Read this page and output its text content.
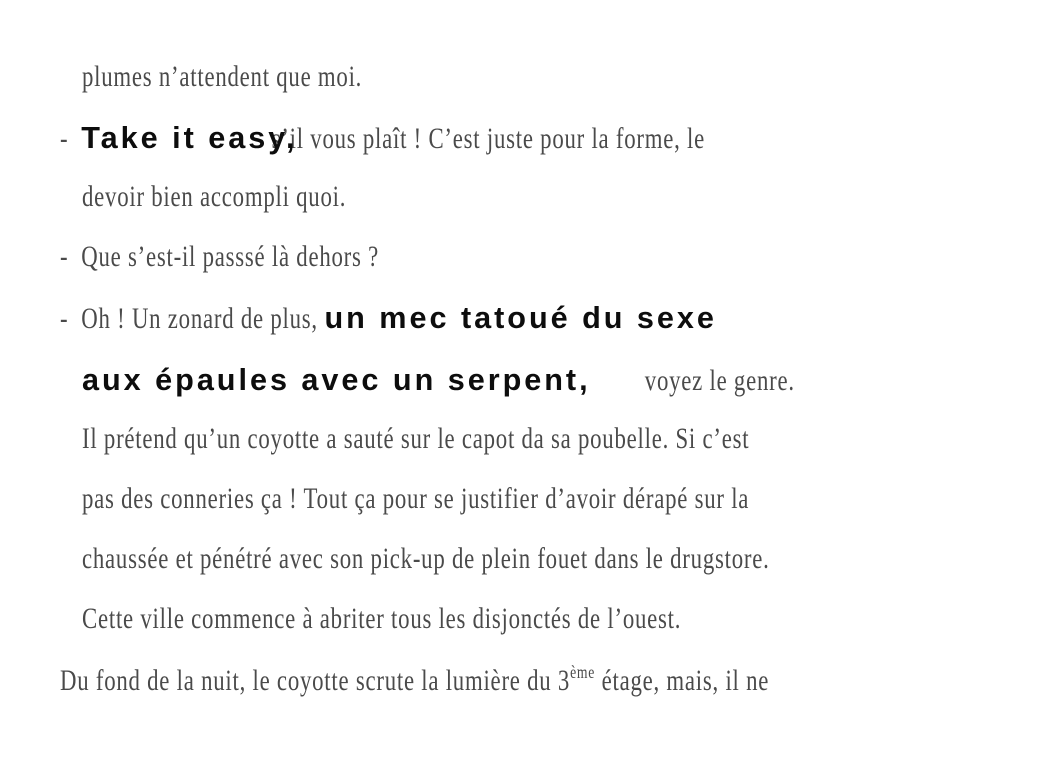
plumes n’attendent que moi.
- Take it easy, s’il vous plaît ! C’est juste pour la forme, le
devoir bien accompli quoi.
- Que s’est-il passsé là dehors ?
- Oh ! Un zonard de plus, un mec tatoué du sexe
aux épaules avec un serpent, voyez le genre.
Il prétend qu’un coyotte a sauté sur le capot da sa poubelle. Si c’est
pas des conneries ça ! Tout ça pour se justifier d’avoir dérapé sur la
chaussée et pénétré avec son pick-up de plein fouet dans le drugstore.
Cette ville commence à abriter tous les disjonctés de l’ouest.
Du fond de la nuit, le coyotte scrute la lumière du 3ème étage, mais, il ne
